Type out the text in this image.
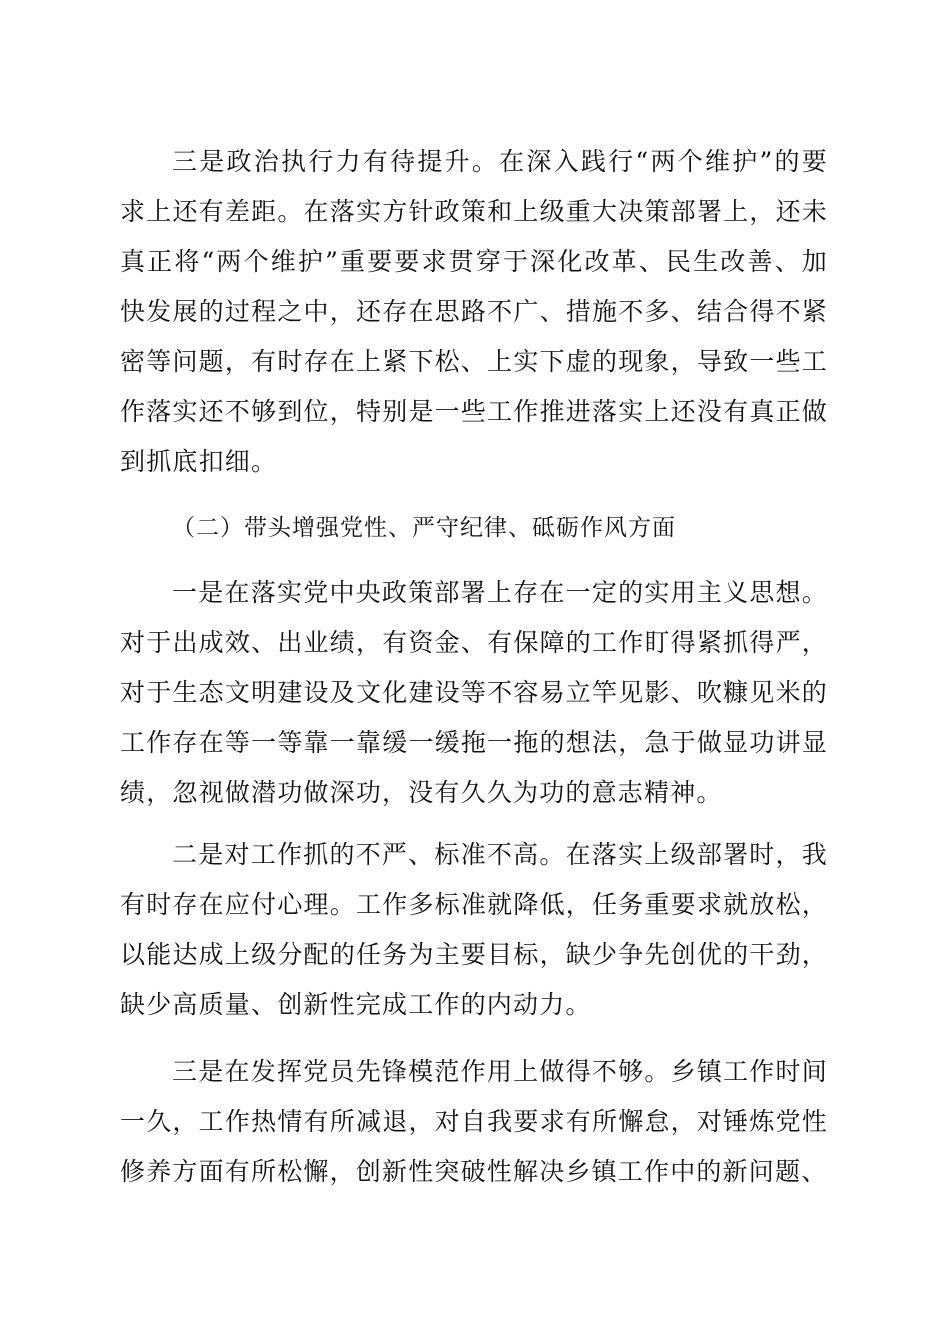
三是政治执行力有待提升。在深入践行“两个维护”的要求上还有差距。在落实方针政策和上级重大决策部署上，还未真正将“两个维护”重要要求贯穿于深化改革、民生改善、加快发展的过程之中，还存在思路不广、措施不多、结合得不紧密等问题，有时存在上紧下松、上实下虚的现象，导致一些工作落实还不够到位，特别是一些工作推进落实上还没有真正做到抓底扣细。

（二）带头增强党性、严守纪律、砥砺作风方面

一是在落实党中央政策部署上存在一定的实用主义思想。对于出成效、出业绩，有资金、有保障的工作盯得紧抓得严，对于生态文明建设及文化建设等不容易立竿见影、吹糠见米的工作存在等一等靠一靠缓一缓拖一拖的想法，急于做显功讲显绩，忽视做潜功做深功，没有久久为功的意志精神。

二是对工作抓的不严、标准不高。在落实上级部署时，我有时存在应付心理。工作多标准就降低，任务重要求就放松，以能达成上级分配的任务为主要目标，缺少争先创优的干劲，缺少高质量、创新性完成工作的内动力。

三是在发挥党员先锋模范作用上做得不够。乡镇工作时间一久，工作热情有所减退，对自我要求有所懈怠，对锤炼党性修养方面有所松懈，创新性突破性解决乡镇工作中的新问题、
